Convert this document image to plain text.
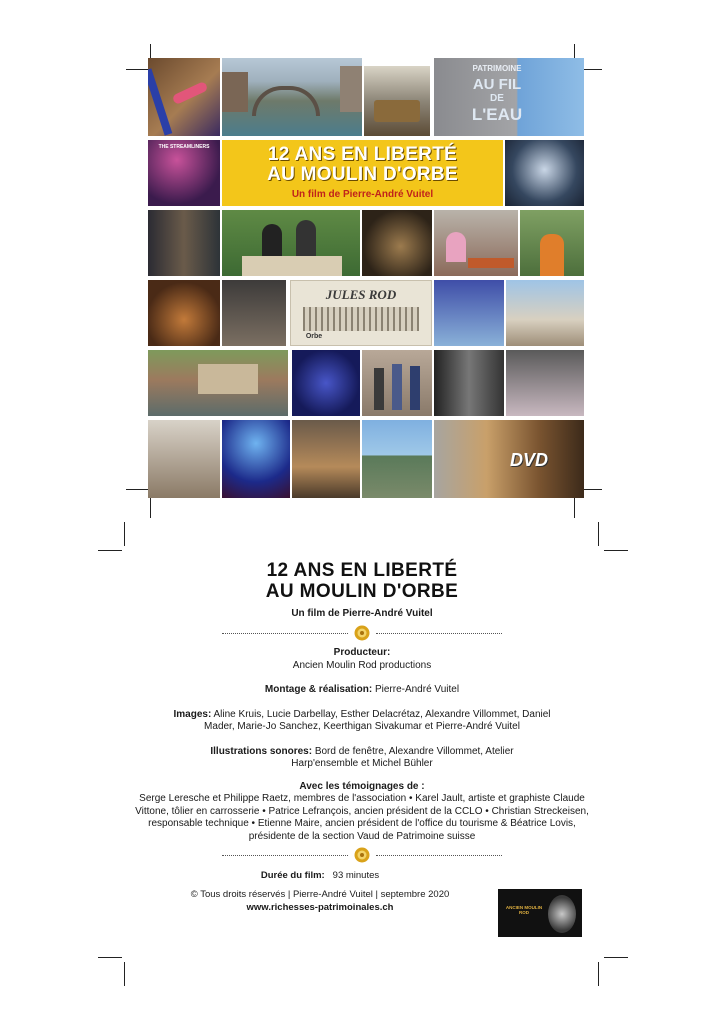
PATRIMOINE
AU FIL
DE
L'EAU
THE STREAMLINERS	12 ANS EN LIBERTÉ
AU MOULIN D'ORBE
Un film de Pierre-André Vuitel
JULES ROD
Orbe
DVD
12 ANS EN LIBERTÉ
AU MOULIN D'ORBE
Un film de Pierre-André Vuitel
Producteur:
Ancien Moulin Rod productions
Montage & réalisation: Pierre-André Vuitel
Images: Aline Kruis, Lucie Darbellay, Esther Delacrétaz, Alexandre Villommet, Daniel Mader, Marie-Jo Sanchez, Keerthigan Sivakumar et Pierre-André Vuitel
Illustrations sonores: Bord de fenêtre, Alexandre Villommet, Atelier Harp'ensemble et Michel Bühler
Avec les témoignages de :
Serge Leresche et Philippe Raetz, membres de l'association • Karel Jault, artiste et graphiste Claude Vittone, tôlier en carrosserie • Patrice Lefrançois, ancien président de la CCLO • Christian Streckeisen, responsable technique • Etienne Maire, ancien président de l'office du tourisme & Béatrice Lovis, présidente de la section Vaud de Patrimoine suisse
Durée du film: 93 minutes
© Tous droits réservés | Pierre-André Vuitel | septembre 2020
www.richesses-patrimoinales.ch	ANCIEN MOULIN ROD
